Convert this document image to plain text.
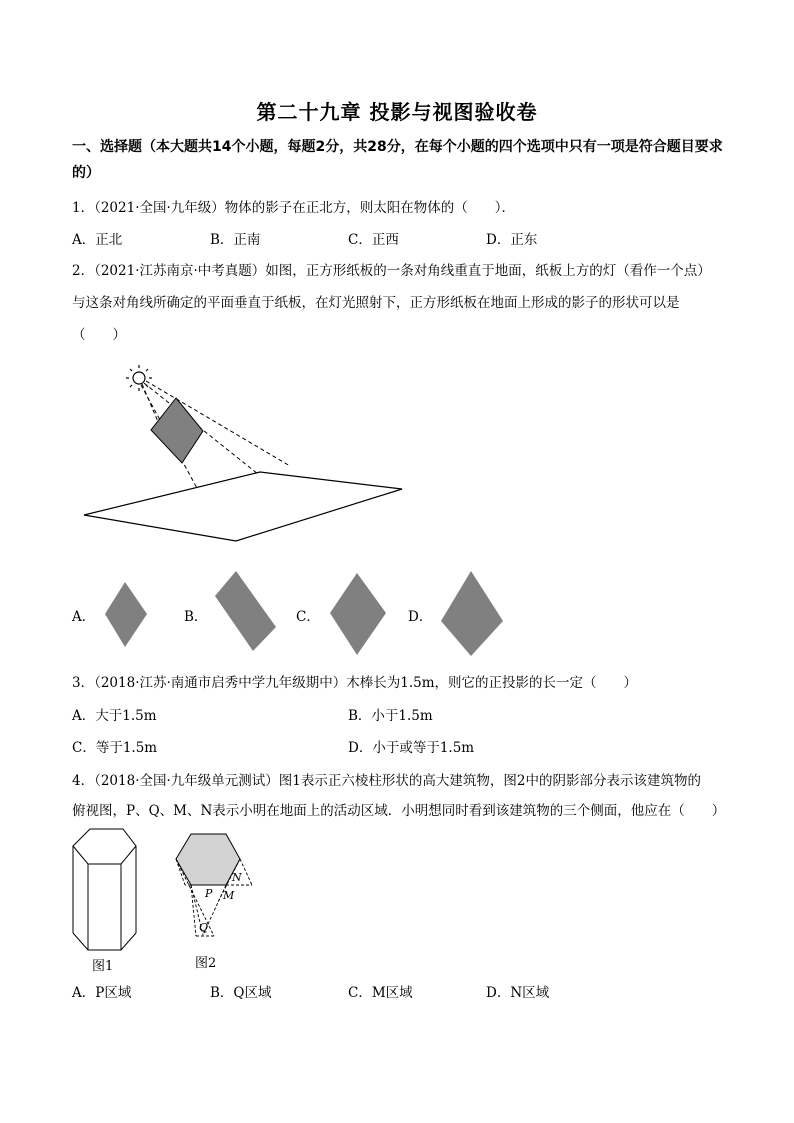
第二十九章 投影与视图验收卷
一、选择题（本大题共14个小题，每题2分，共28分，在每个小题的四个选项中只有一项是符合题目要求的）
1．（2021·全国·九年级）物体的影子在正北方，则太阳在物体的（　　）．
A．正北	B．正南	C．正西	D．正东
2．（2021·江苏南京·中考真题）如图，正方形纸板的一条对角线重直于地面，纸板上方的灯（看作一个点）
与这条对角线所确定的平面垂直于纸板，在灯光照射下，正方形纸板在地面上形成的影子的形状可以是
（　　）
A．	B．	C．	D．
3．（2018·江苏·南通市启秀中学九年级期中）木棒长为1.5m，则它的正投影的长一定（　　）
A．大于1.5m	B．小于1.5m
C．等于1.5m	D．小于或等于1.5m
4．（2018·全国·九年级单元测试）图1表示正六棱柱形状的高大建筑物，图2中的阴影部分表示该建筑物的
俯视图，P、Q、M、N表示小明在地面上的活动区域．小明想同时看到该建筑物的三个侧面，他应在（　　）
N
P M
Q
图1	图2
A．P区域	B．Q区域	C．M区域	D．N区域
